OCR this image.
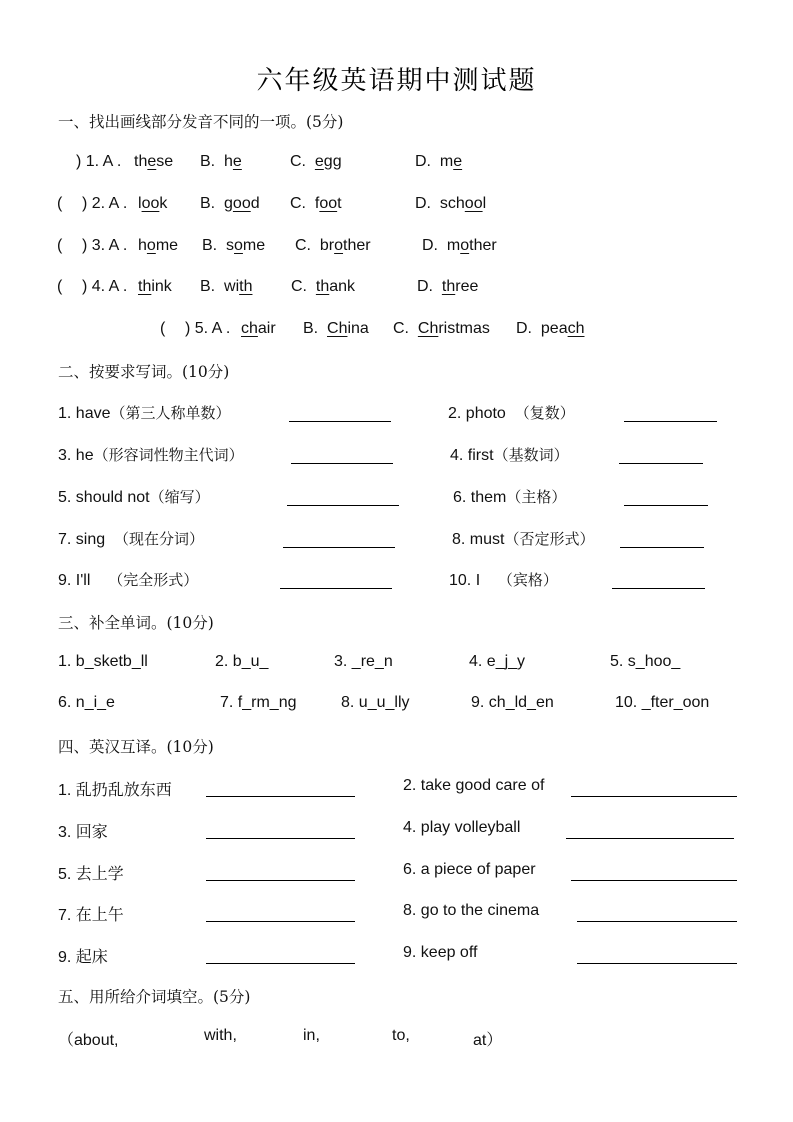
六年级英语期中测试题
一、找出画线部分发音不同的一项。(5分)
) 1. A . these B. he	C. egg	D. me
( ) 2. A . look B. good C. foot	D. school
( ) 3. A . home B. some C. brother	D. mother
( ) 4. A . think B. with C. thank	D. three
( ) 5. A . chair B. China C. Christmas D. peach
二、按要求写词。(10分)
1. have（第三人称单数）	2. photo （复数）
3. he（形容词性物主代词）	4. first（基数词）
5. should not（缩写）	6. them（主格）
7. sing （现在分词）	8. must（否定形式）
9. I'll （完全形式）	10. I （宾格）
三、补全单词。(10分)
1. b_sketb_ll	2. b_u_	3. _re_n	4. e_j_y	5. s_hoo_
6. n_i_e	7. f_rm_ng	8. u_u_lly	9. ch_ld_en	10. _fter_oon
四、英汉互译。(10分)
1. 乱扔乱放东西	2. take good care of
3. 回家	4. play volleyball
5. 去上学	6. a piece of paper
7. 在上午	8. go to the cinema
9. 起床	9. keep off
五、用所给介词填空。(5分)
（about,	with,	in,	to,	at）
